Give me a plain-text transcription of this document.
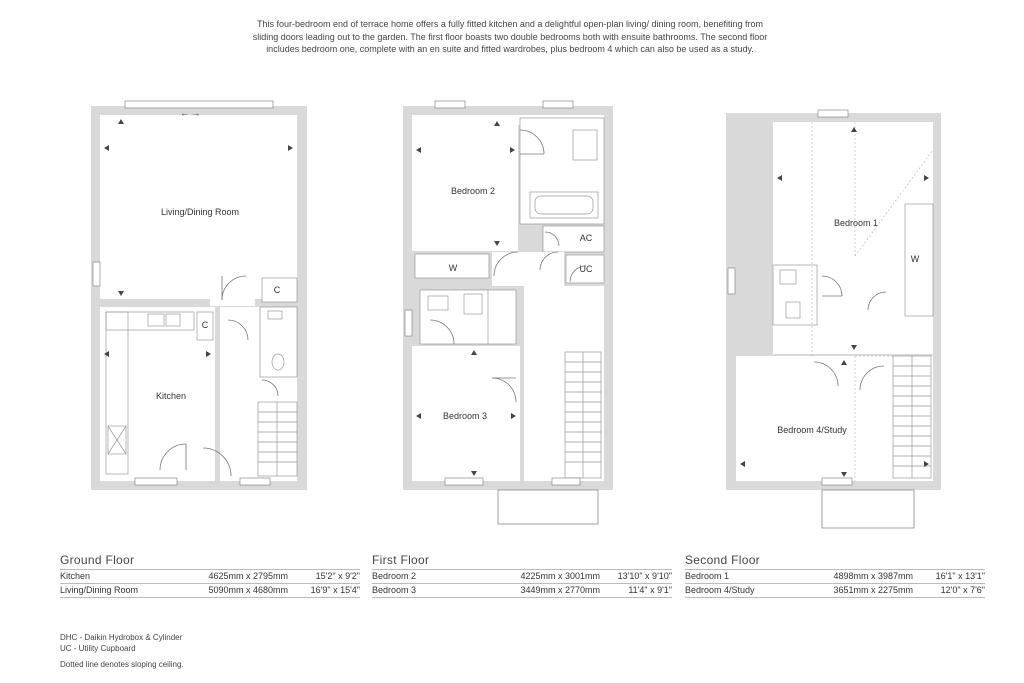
This four-bedroom end of terrace home offers a fully fitted kitchen and a delightful open-plan living/ dining room, benefiting from sliding doors leading out to the garden. The first floor boasts two double bedrooms both with ensuite bathrooms. The second floor includes bedroom one, complete with an en suite and fitted wardrobes, plus bedroom 4 which can also be used as a study.
← →
Living/Dining Room
Kitchen
C
C
Bedroom 2
AC
UC
W
Bedroom 3
Bedroom 1
W
Bedroom 4/Study
Ground Floor
Kitchen	4625mm x 2795mm	15'2" x 9'2"
Living/Dining Room	5090mm x 4680mm	16'9" x 15'4"
First Floor
Bedroom 2	4225mm x 3001mm	13'10" x 9'10"
Bedroom 3	3449mm x 2770mm	11'4" x 9'1"
Second Floor
Bedroom 1	4898mm x 3987mm	16'1" x 13'1"
Bedroom 4/Study	3651mm x 2275mm	12'0" x 7'6"
DHC - Daikin Hydrobox & Cylinder
UC - Utility Cupboard
Dotted line denotes sloping ceiling.
